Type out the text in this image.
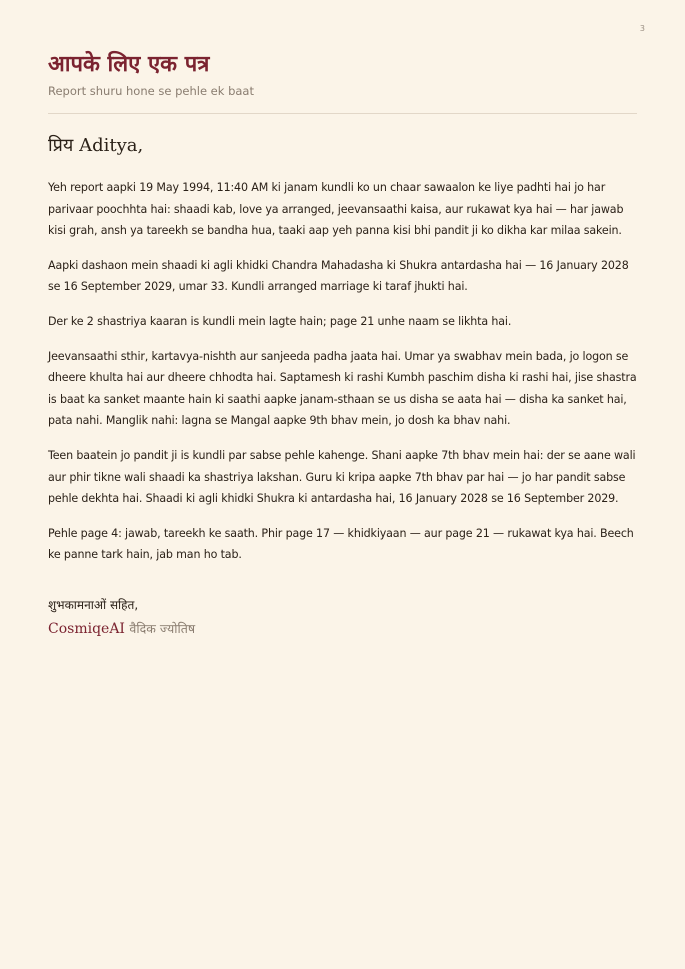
3
आपके लिए एक पत्र
Report shuru hone se pehle ek baat
प्रिय Aditya,

Yeh report aapki 19 May 1994, 11:40 AM ki janam kundli ko un chaar sawaalon ke liye padhti hai jo har parivaar poochhta hai: shaadi kab, love ya arranged, jeevansaathi kaisa, aur rukawat kya hai — har jawab kisi grah, ansh ya tareekh se bandha hua, taaki aap yeh panna kisi bhi pandit ji ko dikha kar milaa sakein.

Aapki dashaon mein shaadi ki agli khidki Chandra Mahadasha ki Shukra antardasha hai — 16 January 2028 se 16 September 2029, umar 33. Kundli arranged marriage ki taraf jhukti hai.

Der ke 2 shastriya kaaran is kundli mein lagte hain; page 21 unhe naam se likhta hai.

Jeevansaathi sthir, kartavya-nishth aur sanjeeda padha jaata hai. Umar ya swabhav mein bada, jo logon se dheere khulta hai aur dheere chhodta hai. Saptamesh ki rashi Kumbh paschim disha ki rashi hai, jise shastra is baat ka sanket maante hain ki saathi aapke janam-sthaan se us disha se aata hai — disha ka sanket hai, pata nahi. Manglik nahi: lagna se Mangal aapke 9th bhav mein, jo dosh ka bhav nahi.

Teen baatein jo pandit ji is kundli par sabse pehle kahenge. Shani aapke 7th bhav mein hai: der se aane wali aur phir tikne wali shaadi ka shastriya lakshan. Guru ki kripa aapke 7th bhav par hai — jo har pandit sabse pehle dekhta hai. Shaadi ki agli khidki Shukra ki antardasha hai, 16 January 2028 se 16 September 2029.

Pehle page 4: jawab, tareekh ke saath. Phir page 17 — khidkiyaan — aur page 21 — rukawat kya hai. Beech ke panne tark hain, jab man ho tab.

शुभकामनाओं सहित,
CosmiqeAI वैदिक ज्योतिष
